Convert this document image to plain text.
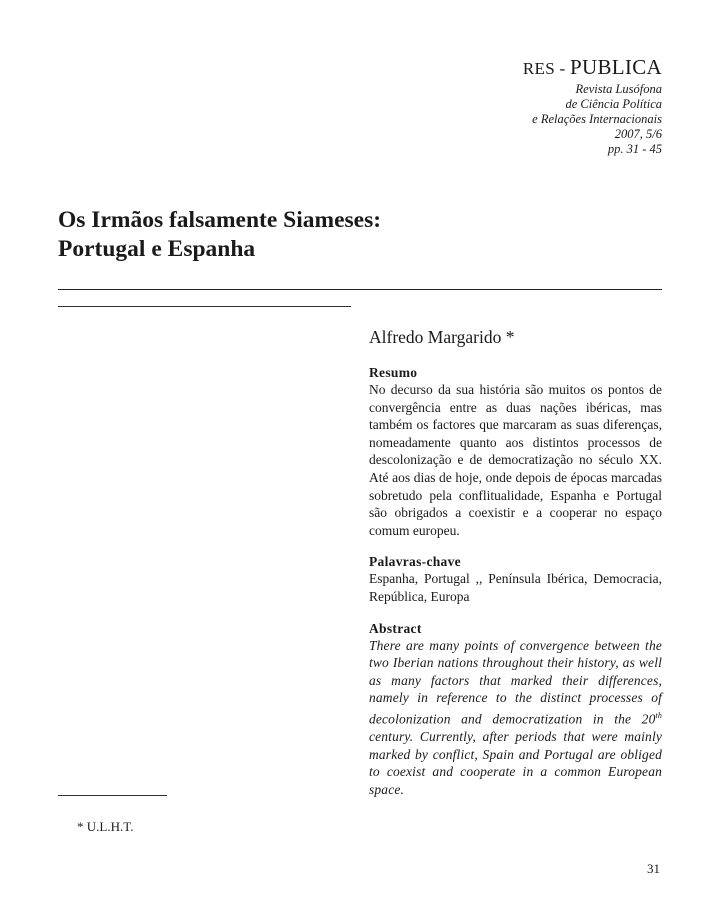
RES - PUBLICA
Revista Lusófona
de Ciência Política
e Relações Internacionais
2007, 5/6
pp. 31 - 45
Os Irmãos falsamente Siameses:
Portugal e Espanha
Alfredo Margarido *
Resumo

No decurso da sua história são muitos os pontos de convergência entre as duas nações ibéricas, mas também os factores que marcaram as suas diferenças, nomeadamente quanto aos distintos processos de descolonização e de democratização no século XX. Até aos dias de hoje, onde depois de épocas marcadas sobretudo pela conflitualidade, Espanha e Portugal são obrigados a coexistir e a cooperar no espaço comum europeu.

Palavras-chave

Espanha, Portugal ,, Península Ibérica, Democracia, República, Europa

Abstract

There are many points of convergence between the two Iberian nations throughout their history, as well as many factors that marked their differences, namely in reference to the distinct processes of decolonization and democratization in the 20th century. Currently, after periods that were mainly marked by conflict, Spain and Portugal are obliged to coexist and cooperate in a common European space.

* U.L.H.T.
31
